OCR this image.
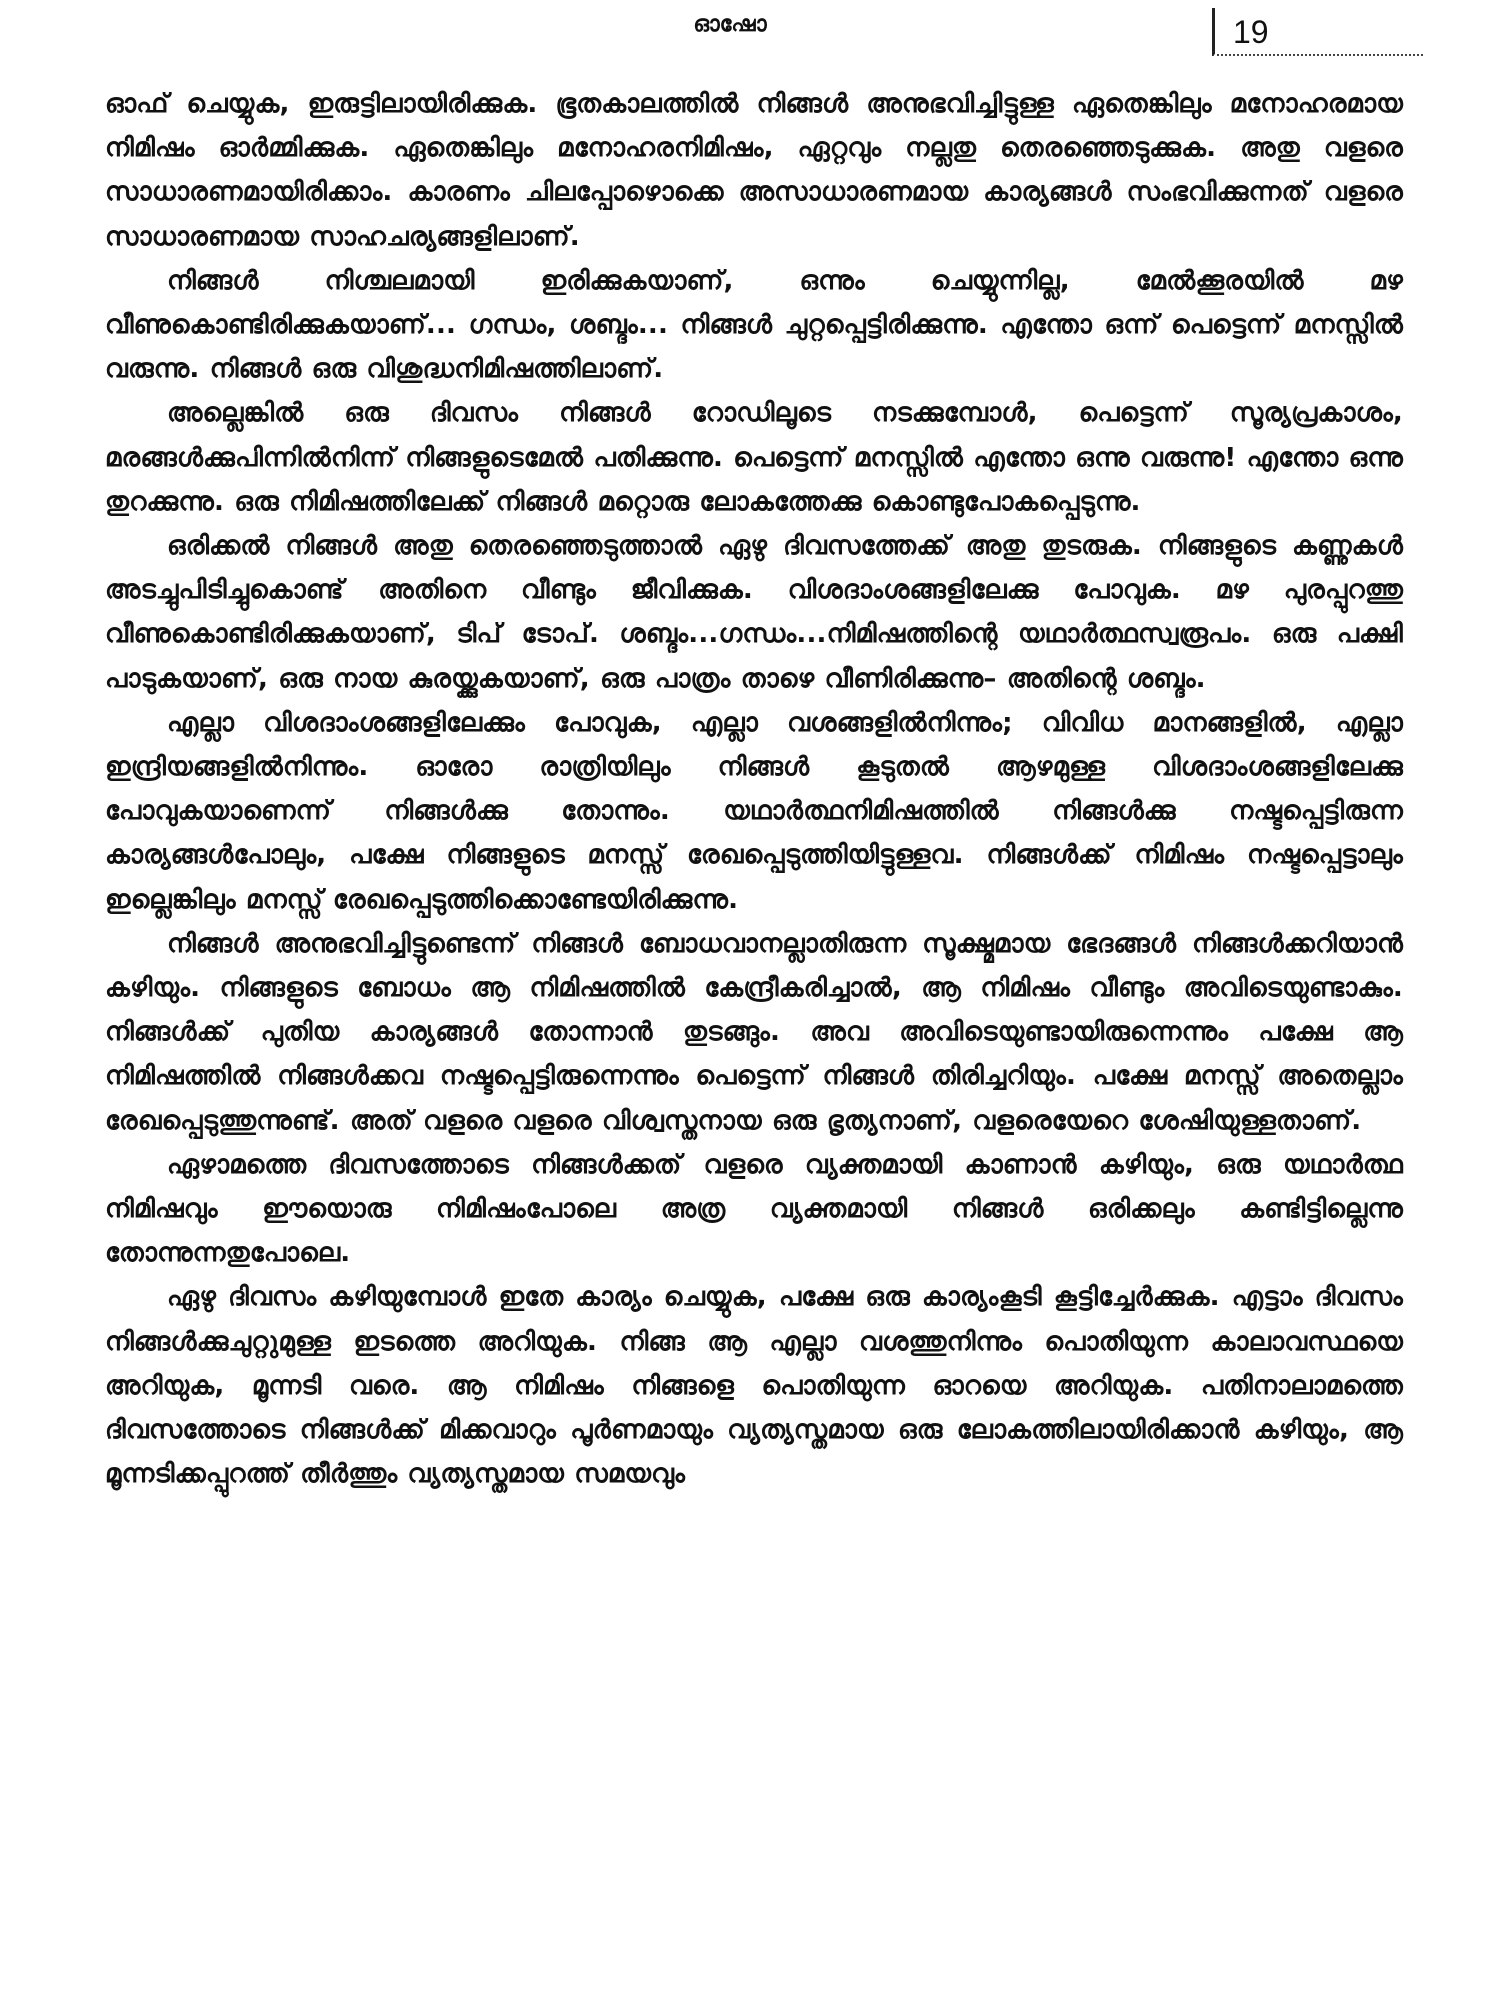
ഓഷോ	19

ഓഫ് ചെയ്യുക, ഇരുട്ടിലായിരിക്കുക. ഭൂതകാലത്തിൽ നിങ്ങൾ അനുഭവിച്ചിട്ടുള്ള ഏതെങ്കിലും മനോഹരമായ നിമിഷം ഓർമ്മിക്കുക. ഏതെങ്കിലും മനോഹരനിമിഷം, ഏറ്റവും നല്ലതു തെരഞ്ഞെടുക്കുക. അതു വളരെ സാധാരണമായിരിക്കാം. കാരണം ചിലപ്പോഴൊക്കെ അസാധാരണമായ കാര്യങ്ങൾ സംഭവിക്കുന്നത് വളരെ സാധാരണമായ സാഹചര്യങ്ങളിലാണ്.

നിങ്ങൾ നിശ്ചലമായി ഇരിക്കുകയാണ്, ഒന്നും ചെയ്യുന്നില്ല, മേൽക്കൂരയിൽ മഴ വീണുകൊണ്ടിരിക്കുകയാണ്... ഗന്ധം, ശബ്ദം... നിങ്ങൾ ചുറ്റപ്പെട്ടിരിക്കുന്നു. എന്തോ ഒന്ന് പെട്ടെന്ന് മനസ്സിൽ വരുന്നു. നിങ്ങൾ ഒരു വിശുദ്ധനിമിഷത്തിലാണ്.

അല്ലെങ്കിൽ ഒരു ദിവസം നിങ്ങൾ റോഡിലൂടെ നടക്കുമ്പോൾ, പെട്ടെന്ന് സൂര്യപ്രകാശം, മരങ്ങൾക്കുപിന്നിൽനിന്ന് നിങ്ങളുടെമേൽ പതിക്കുന്നു. പെട്ടെന്ന് മനസ്സിൽ എന്തോ ഒന്നു വരുന്നു! എന്തോ ഒന്നു തുറക്കുന്നു. ഒരു നിമിഷത്തിലേക്ക് നിങ്ങൾ മറ്റൊരു ലോകത്തേക്കു കൊണ്ടുപോകപ്പെടുന്നു.

ഒരിക്കൽ നിങ്ങൾ അതു തെരഞ്ഞെടുത്താൽ ഏഴു ദിവസത്തേക്ക് അതു തുടരുക. നിങ്ങളുടെ കണ്ണുകൾ അടച്ചുപിടിച്ചുകൊണ്ട് അതിനെ വീണ്ടും ജീവിക്കുക. വിശദാംശങ്ങളിലേക്കു പോവുക. മഴ പുരപ്പുറത്തു വീണുകൊണ്ടിരിക്കുകയാണ്, ടിപ് ടോപ്. ശബ്ദം...ഗന്ധം...നിമിഷത്തിന്റെ യഥാർത്ഥസ്വരൂപം. ഒരു പക്ഷി പാടുകയാണ്, ഒരു നായ കുരയ്ക്കുകയാണ്, ഒരു പാത്രം താഴെ വീണിരിക്കുന്നു– അതിന്റെ ശബ്ദം.

എല്ലാ വിശദാംശങ്ങളിലേക്കും പോവുക, എല്ലാ വശങ്ങളിൽനിന്നും; വിവിധ മാനങ്ങളിൽ, എല്ലാ ഇന്ദ്രിയങ്ങളിൽനിന്നും. ഓരോ രാത്രിയിലും നിങ്ങൾ കൂടുതൽ ആഴമുള്ള വിശദാംശങ്ങളിലേക്കു പോവുകയാണെന്ന് നിങ്ങൾക്കു തോന്നും. യഥാർത്ഥനിമിഷത്തിൽ നിങ്ങൾക്കു നഷ്ടപ്പെട്ടിരുന്ന കാര്യങ്ങൾപോലും, പക്ഷേ നിങ്ങളുടെ മനസ്സ് രേഖപ്പെടുത്തിയിട്ടുള്ളവ. നിങ്ങൾക്ക് നിമിഷം നഷ്ടപ്പെട്ടാലും ഇല്ലെങ്കിലും മനസ്സ് രേഖപ്പെടുത്തിക്കൊണ്ടേയിരിക്കുന്നു.

നിങ്ങൾ അനുഭവിച്ചിട്ടുണ്ടെന്ന് നിങ്ങൾ ബോധവാനല്ലാതിരുന്ന സൂക്ഷ്മമായ ഭേദങ്ങൾ നിങ്ങൾക്കറിയാൻ കഴിയും. നിങ്ങളുടെ ബോധം ആ നിമിഷത്തിൽ കേന്ദ്രീകരിച്ചാൽ, ആ നിമിഷം വീണ്ടും അവിടെയുണ്ടാകും. നിങ്ങൾക്ക് പുതിയ കാര്യങ്ങൾ തോന്നാൻ തുടങ്ങും. അവ അവിടെയുണ്ടായിരുന്നെന്നും പക്ഷേ ആ നിമിഷത്തിൽ നിങ്ങൾക്കവ നഷ്ടപ്പെട്ടിരുന്നെന്നും പെട്ടെന്ന് നിങ്ങൾ തിരിച്ചറിയും. പക്ഷേ മനസ്സ് അതെല്ലാം രേഖപ്പെടുത്തുന്നുണ്ട്. അത് വളരെ വളരെ വിശ്വസ്തനായ ഒരു ഭൃത്യനാണ്, വളരെയേറെ ശേഷിയുള്ളതാണ്.

ഏഴാമത്തെ ദിവസത്തോടെ നിങ്ങൾക്കത് വളരെ വ്യക്തമായി കാണാൻ കഴിയും, ഒരു യഥാർത്ഥ നിമിഷവും ഈയൊരു നിമിഷംപോലെ അത്ര വ്യക്തമായി നിങ്ങൾ ഒരിക്കലും കണ്ടിട്ടില്ലെന്നു തോന്നുന്നതുപോലെ.

ഏഴു ദിവസം കഴിയുമ്പോൾ ഇതേ കാര്യം ചെയ്യുക, പക്ഷേ ഒരു കാര്യംകൂടി കൂട്ടിച്ചേർക്കുക. എട്ടാം ദിവസം നിങ്ങൾക്കുചുറ്റുമുള്ള ഇടത്തെ അറിയുക. നിങ്ങ ആ എല്ലാ വശത്തുനിന്നും പൊതിയുന്ന കാലാവസ്ഥയെ അറിയുക, മൂന്നടി വരെ. ആ നിമിഷം നിങ്ങളെ പൊതിയുന്ന ഓറയെ അറിയുക. പതിനാലാമത്തെ ദിവസത്തോടെ നിങ്ങൾക്ക് മിക്കവാറും പൂർണമായും വ്യത്യസ്തമായ ഒരു ലോകത്തിലായിരിക്കാൻ കഴിയും, ആ മൂന്നടിക്കപ്പുറത്ത് തീർത്തും വ്യത്യസ്തമായ സമയവും
